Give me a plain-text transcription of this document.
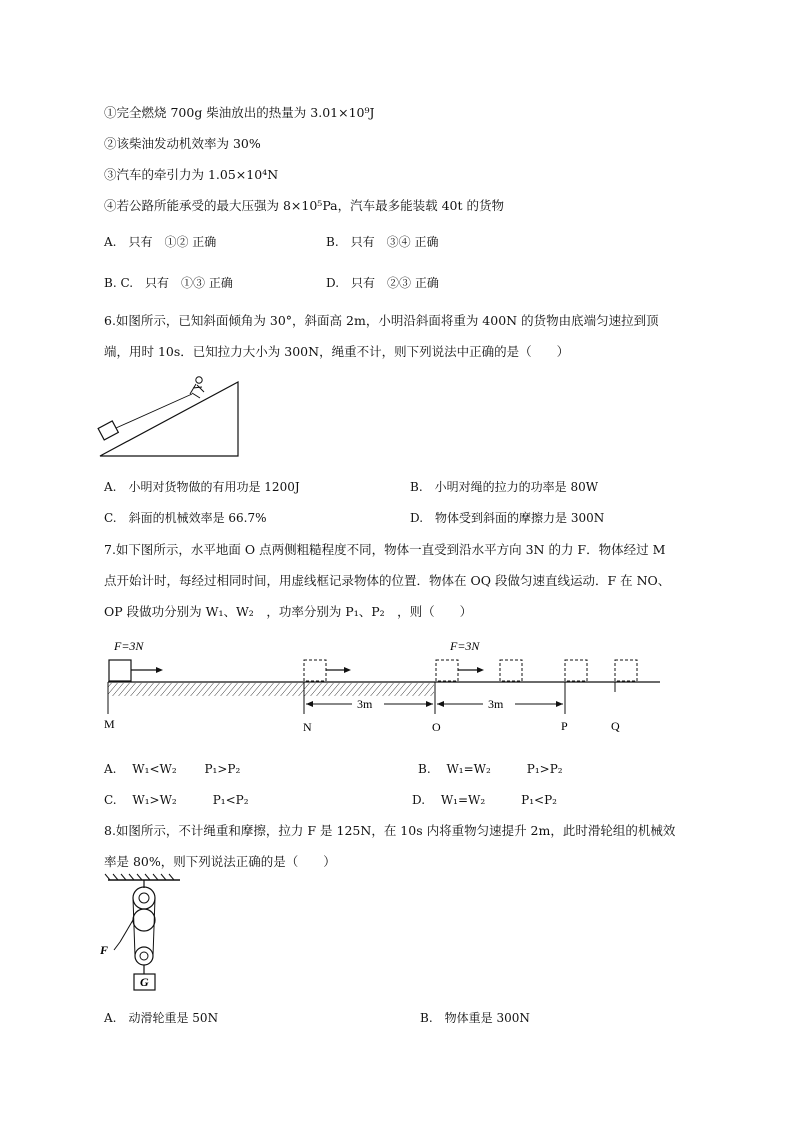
①完全燃烧 700g 柴油放出的热量为 3.01×10⁹J
②该柴油发动机效率为 30%
③汽车的牵引力为 1.05×10⁴N
④若公路所能承受的最大压强为 8×10⁵Pa，汽车最多能装载 40t 的货物
A.　只有　①② 正确	B.　只有　③④ 正确
B. C.　只有　①③ 正确	D.　只有　②③ 正确
6.如图所示，已知斜面倾角为 30°，斜面高 2m，小明沿斜面将重为 400N 的货物由底端匀速拉到顶
端，用时 10s．已知拉力大小为 300N，绳重不计，则下列说法中正确的是（　　）
A.　小明对货物做的有用功是 1200J	B.　小明对绳的拉力的功率是 80W
C.　斜面的机械效率是 66.7%	D.　物体受到斜面的摩擦力是 300N
7.如下图所示，水平地面 O 点两侧粗糙程度不同，物体一直受到沿水平方向 3N 的力 F．物体经过 M
点开始计时，每经过相同时间，用虚线框记录物体的位置．物体在 OQ 段做匀速直线运动．F 在 NO、
OP 段做功分别为 W₁、W₂　，功率分别为 P₁、P₂　，则（　　）
F=3N	F=3N
3m	3m
M	N	O	P	Q
A.　 W₁<W₂　　 P₁>P₂	B.　 W₁=W₂　　　P₁>P₂
C.　 W₁>W₂　　　P₁<P₂	D.　 W₁=W₂　　　P₁<P₂
8.如图所示，不计绳重和摩擦，拉力 F 是 125N，在 10s 内将重物匀速提升 2m，此时滑轮组的机械效
率是 80%，则下列说法正确的是（　　）
G
F
A.　动滑轮重是 50N	B.　物体重是 300N
